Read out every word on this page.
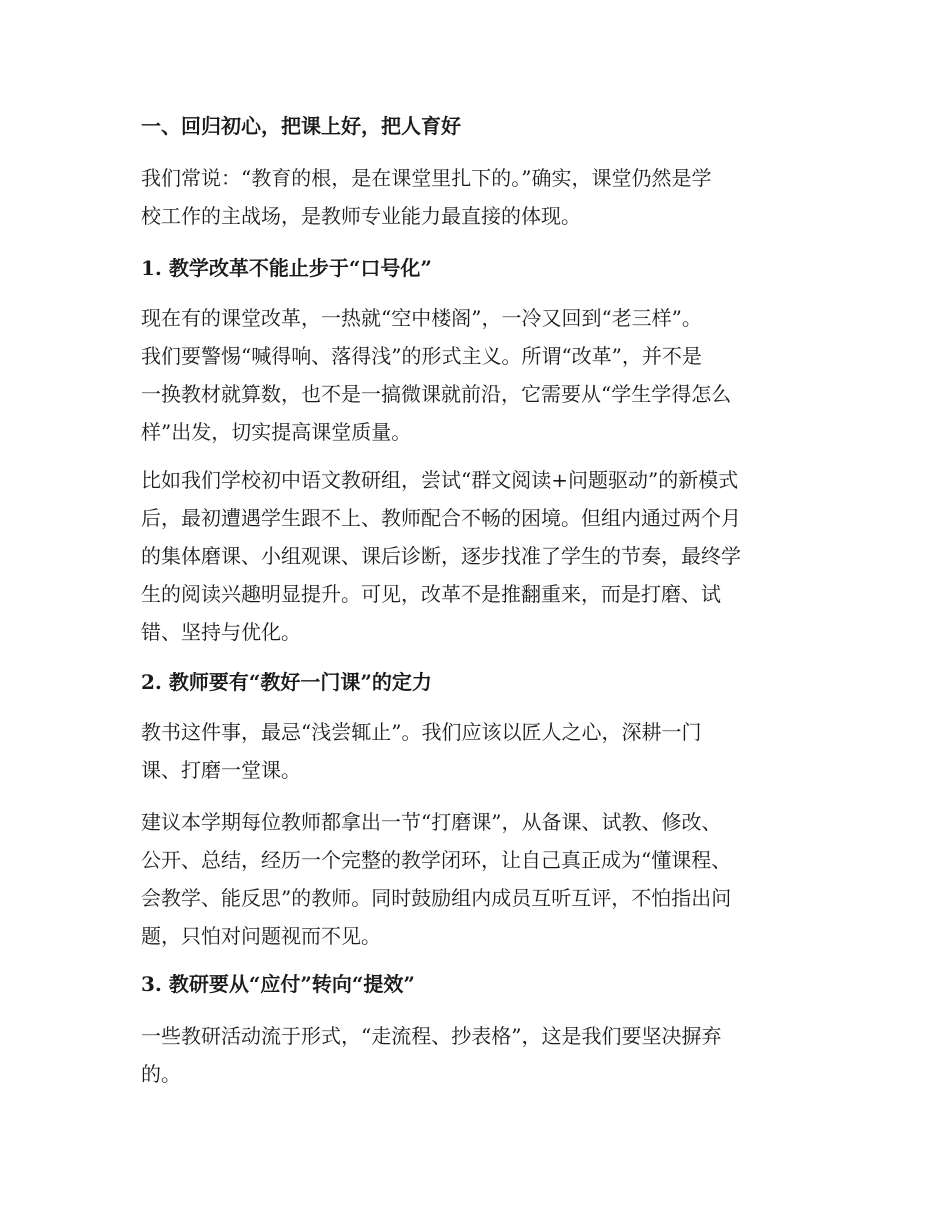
一、回归初心，把课上好，把人育好

我们常说：“教育的根，是在课堂里扎下的。”确实，课堂仍然是学
校工作的主战场，是教师专业能力最直接的体现。

1. 教学改革不能止步于“口号化”

现在有的课堂改革，一热就“空中楼阁”，一冷又回到“老三样”。
我们要警惕“喊得响、落得浅”的形式主义。所谓“改革”，并不是
一换教材就算数，也不是一搞微课就前沿，它需要从“学生学得怎么
样”出发，切实提高课堂质量。

比如我们学校初中语文教研组，尝试“群文阅读+问题驱动”的新模式
后，最初遭遇学生跟不上、教师配合不畅的困境。但组内通过两个月
的集体磨课、小组观课、课后诊断，逐步找准了学生的节奏，最终学
生的阅读兴趣明显提升。可见，改革不是推翻重来，而是打磨、试
错、坚持与优化。

2. 教师要有“教好一门课”的定力

教书这件事，最忌“浅尝辄止”。我们应该以匠人之心，深耕一门
课、打磨一堂课。

建议本学期每位教师都拿出一节“打磨课”，从备课、试教、修改、
公开、总结，经历一个完整的教学闭环，让自己真正成为“懂课程、
会教学、能反思”的教师。同时鼓励组内成员互听互评，不怕指出问
题，只怕对问题视而不见。

3. 教研要从“应付”转向“提效”

一些教研活动流于形式，“走流程、抄表格”，这是我们要坚决摒弃
的。
